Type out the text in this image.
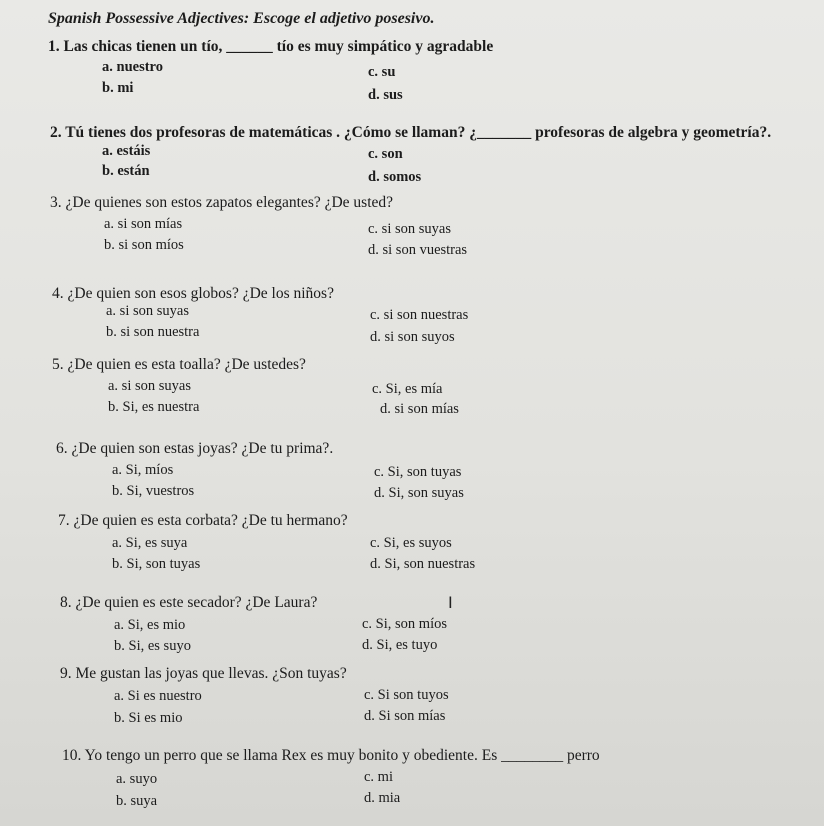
Spanish Possessive Adjectives: Escoge el adjetivo posesivo.
1. Las chicas tienen un tío, ______ tío es muy simpático y agradable
a. nuestro
b. mi
c. su
d. sus
2. Tú tienes dos profesoras de matemáticas . ¿Cómo se llaman? ¿_______ profesoras de algebra y geometría?.
a. estáis
b. están
c. son
d. somos
3. ¿De quienes son estos zapatos elegantes? ¿De usted?
a. si son mías
b. si son míos
c. si son suyas
d. si son vuestras
4. ¿De quien son esos globos? ¿De los niños?
a. si son suyas
b. si son nuestra
c. si son nuestras
d. si son suyos
5. ¿De quien es esta toalla? ¿De ustedes?
a. si son suyas
b. Si, es nuestra
c. Si, es mía
d. si son mías
6. ¿De quien son estas joyas? ¿De tu prima?.
a. Si, míos
b. Si, vuestros
c. Si, son tuyas
d. Si, son suyas
7. ¿De quien es esta corbata? ¿De tu hermano?
a. Si, es suya
b. Si, son tuyas
c. Si, es suyos
d. Si, son nuestras
8. ¿De quien es este secador? ¿De Laura?
a. Si, es mio
b. Si, es suyo
c. Si, son míos
d. Si, es tuyo
9. Me gustan las joyas que llevas. ¿Son tuyas?
a. Si es nuestro
b. Si es mio
c. Si son tuyos
d. Si son mías
10. Yo tengo un perro que se llama Rex es muy bonito y obediente. Es ________ perro
a. suyo
b. suya
c. mi
d. mia
I
